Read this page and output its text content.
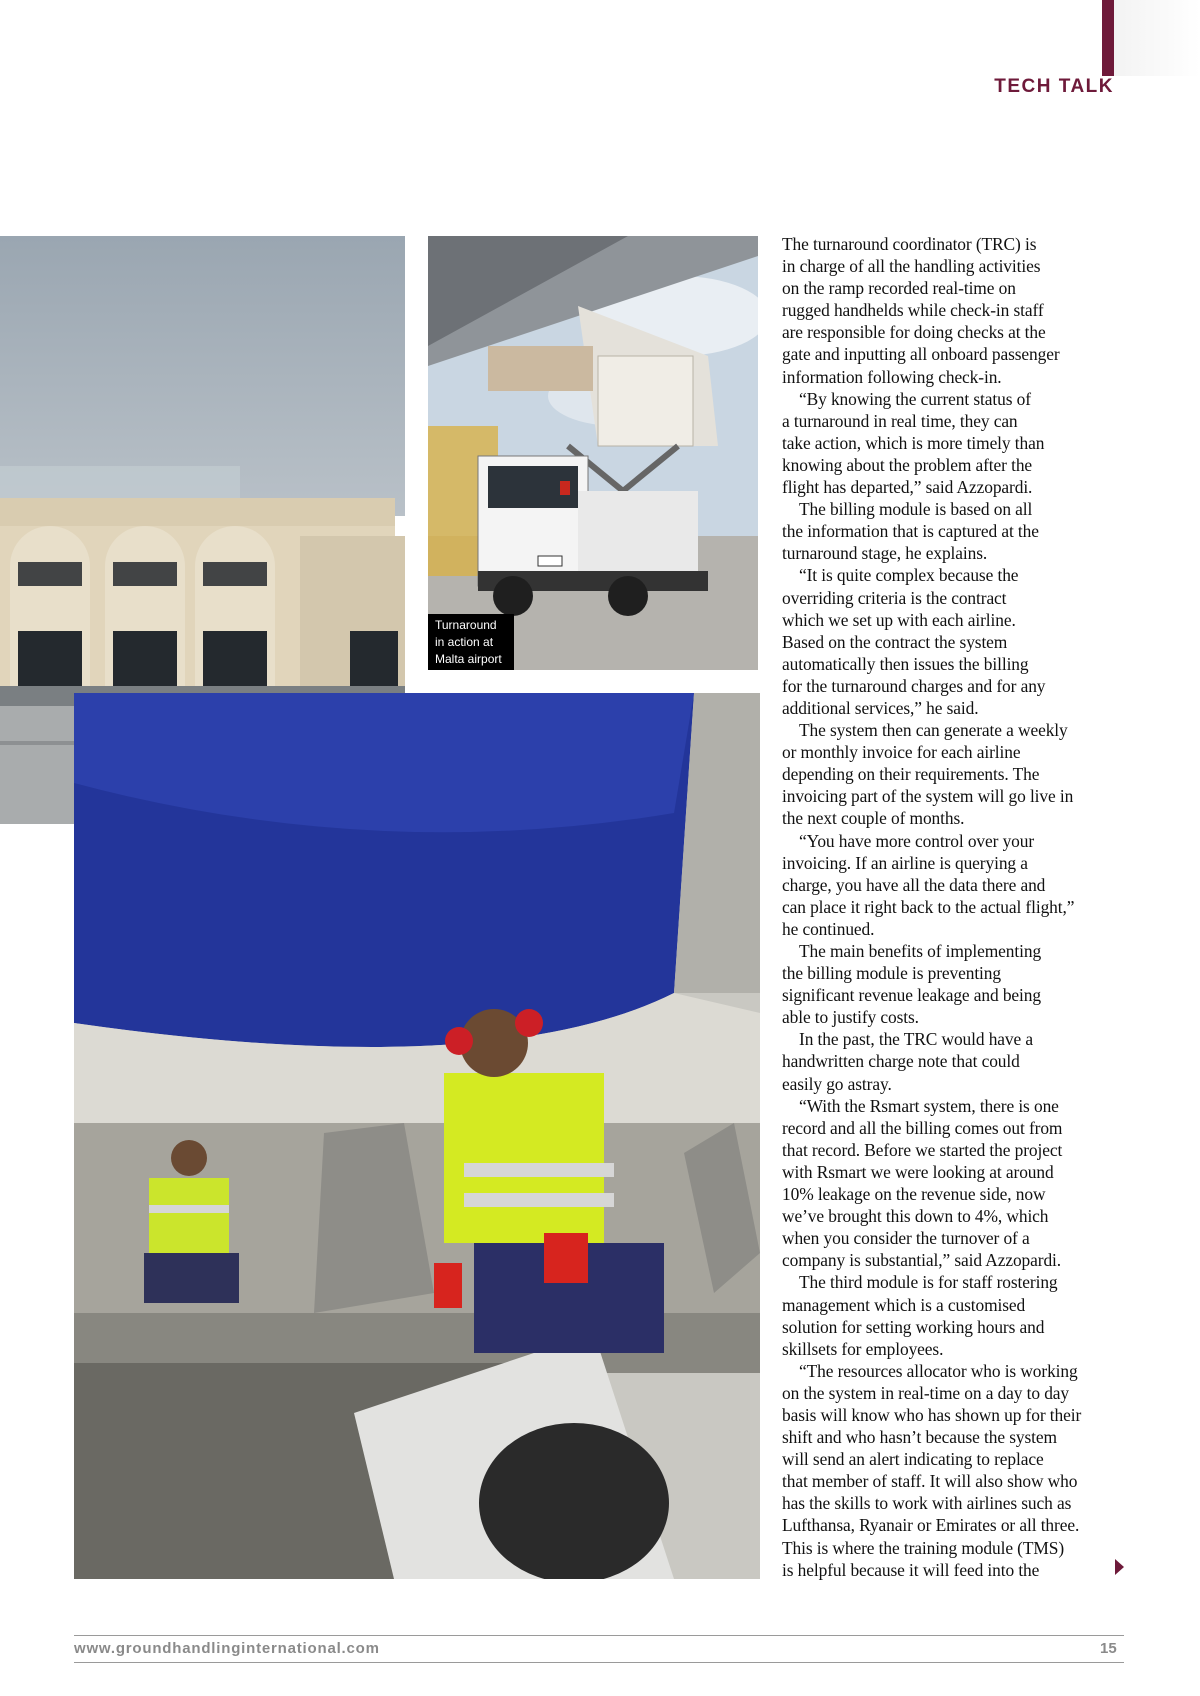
TECH TALK
Turnaround
in action at
Malta airport

The turnaround coordinator (TRC) is
in charge of all the handling activities
on the ramp recorded real-time on
rugged handhelds while check-in staff
are responsible for doing checks at the
gate and inputting all onboard passenger
information following check-in.

“By knowing the current status of
a turnaround in real time, they can
take action, which is more timely than
knowing about the problem after the
flight has departed,” said Azzopardi.

The billing module is based on all
the information that is captured at the
turnaround stage, he explains.

“It is quite complex because the
overriding criteria is the contract
which we set up with each airline.
Based on the contract the system
automatically then issues the billing
for the turnaround charges and for any
additional services,” he said.

The system then can generate a weekly
or monthly invoice for each airline
depending on their requirements. The
invoicing part of the system will go live in
the next couple of months.

“You have more control over your
invoicing. If an airline is querying a
charge, you have all the data there and
can place it right back to the actual flight,”
he continued.

The main benefits of implementing
the billing module is preventing
significant revenue leakage and being
able to justify costs.

In the past, the TRC would have a
handwritten charge note that could
easily go astray.

“With the Rsmart system, there is one
record and all the billing comes out from
that record. Before we started the project
with Rsmart we were looking at around
10% leakage on the revenue side, now
we’ve brought this down to 4%, which
when you consider the turnover of a
company is substantial,” said Azzopardi.

The third module is for staff rostering
management which is a customised
solution for setting working hours and
skillsets for employees.

“The resources allocator who is working
on the system in real-time on a day to day
basis will know who has shown up for their
shift and who hasn’t because the system
will send an alert indicating to replace
that member of staff. It will also show who
has the skills to work with airlines such as
Lufthansa, Ryanair or Emirates or all three.
This is where the training module (TMS)
is helpful because it will feed into the

www.groundhandlinginternational.com	15
